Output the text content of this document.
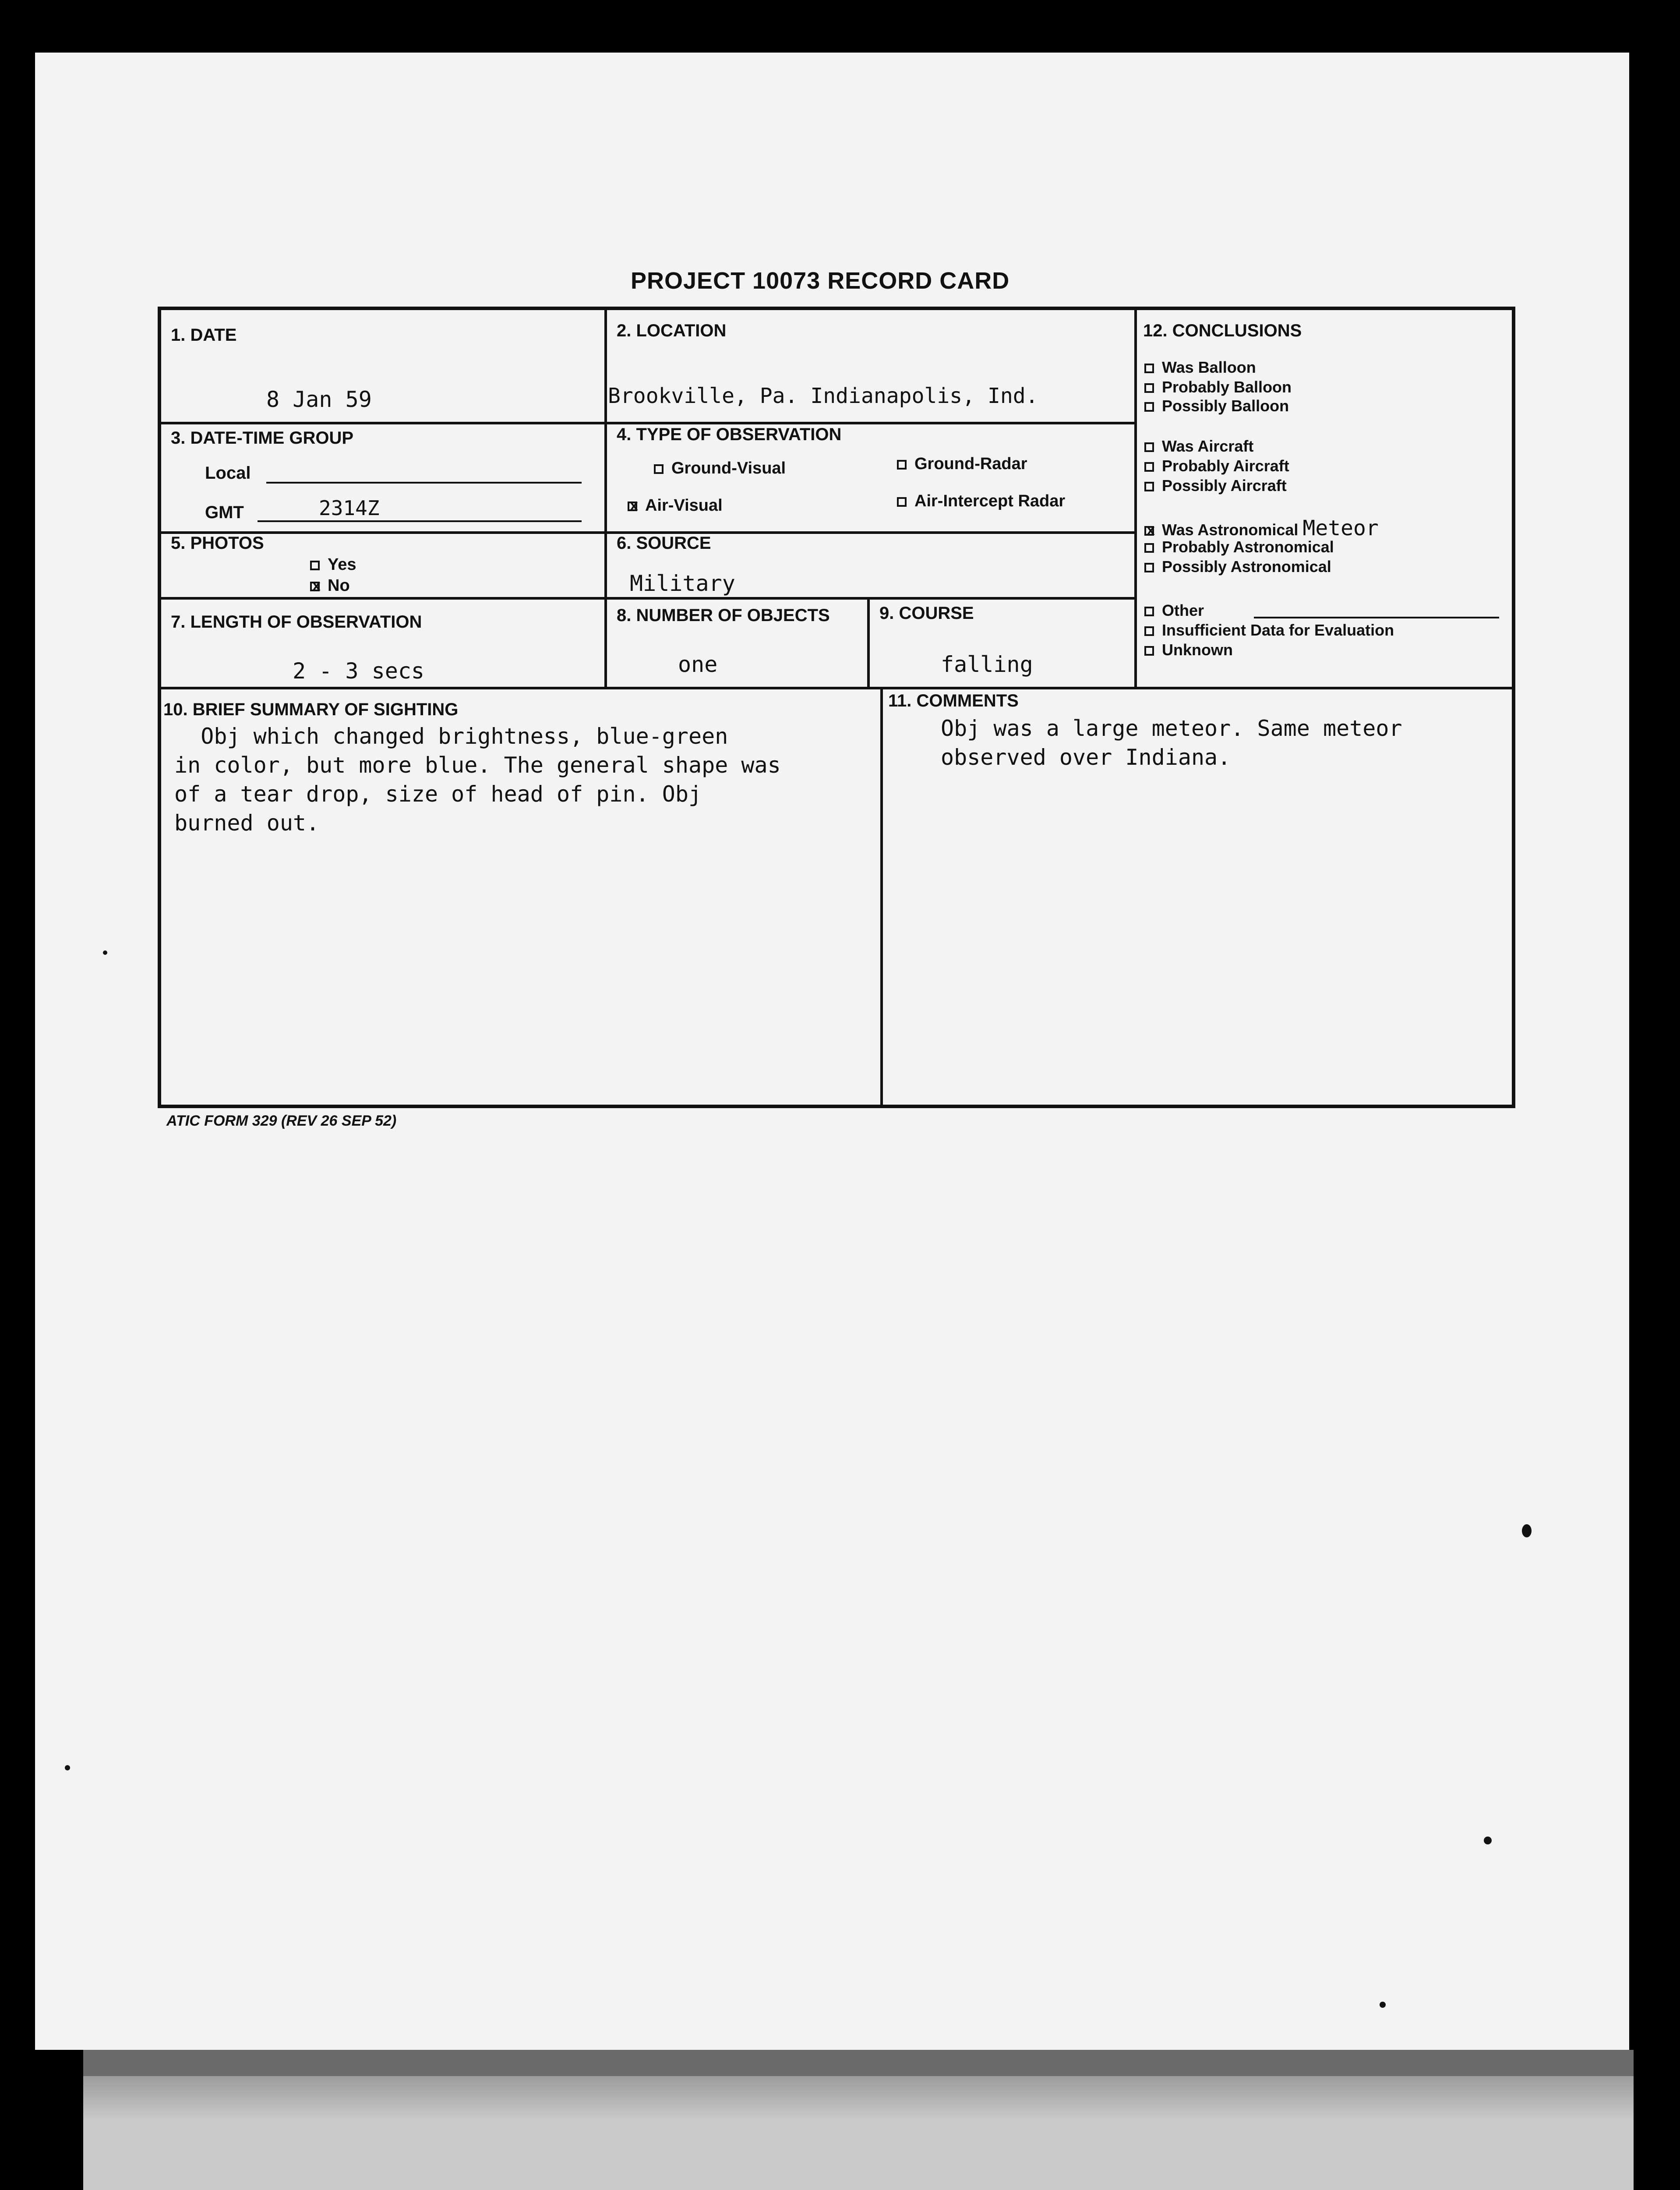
PROJECT 10073 RECORD CARD
1. DATE
8 Jan 59
2. LOCATION
Brookville, Pa. Indianapolis, Ind.
3. DATE-TIME GROUP
Local
GMT	2314Z
4. TYPE OF OBSERVATION
Ground-Visual	Ground-Radar
xAir-Visual	Air-Intercept Radar
5. PHOTOS
Yes
xNo
6. SOURCE
Military
7. LENGTH OF OBSERVATION
2 - 3 secs
8. NUMBER OF OBJECTS
one
9. COURSE
falling
10. BRIEF SUMMARY OF SIGHTING
Obj which changed brightness, blue-green
in color, but more blue. The general shape was
of a tear drop, size of head of pin. Obj
burned out.
11. COMMENTS
Obj was a large meteor. Same meteor
observed over Indiana.
12. CONCLUSIONS
Was Balloon
Probably Balloon
Possibly Balloon
Was Aircraft
Probably Aircraft
Possibly Aircraft
xWas Astronomical Meteor
Probably Astronomical
Possibly Astronomical
Other
Insufficient Data for Evaluation
Unknown
ATIC FORM 329 (REV 26 SEP 52)
